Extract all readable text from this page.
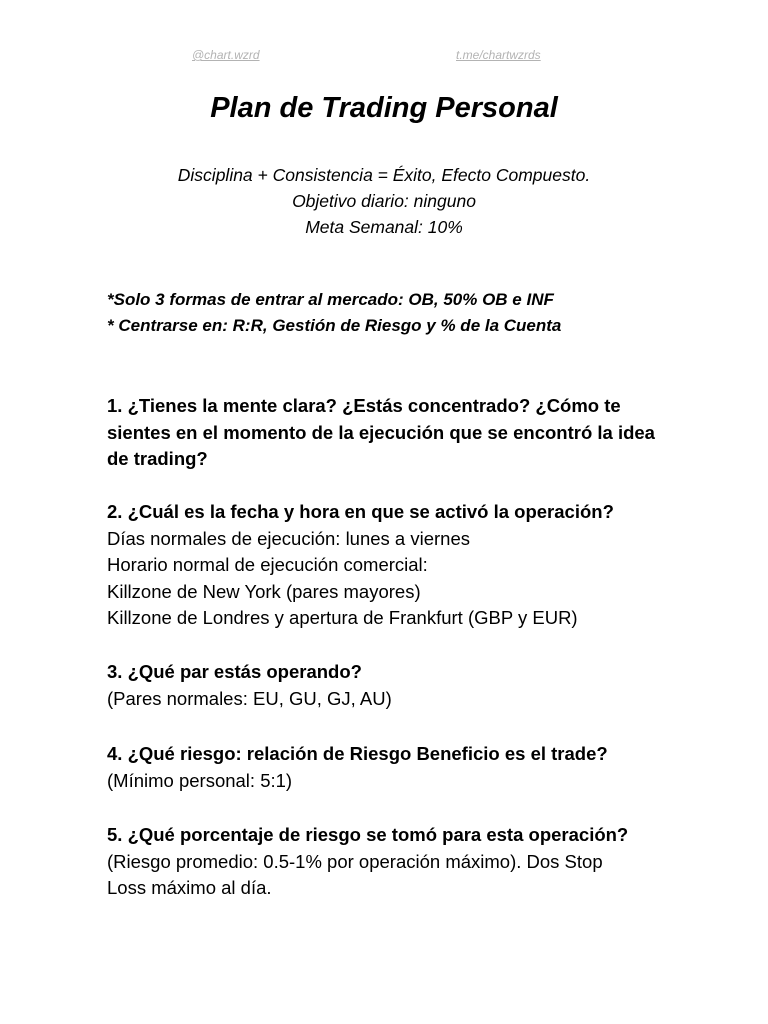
@chart.wzrd	t.me/chartwzrds
Plan de Trading Personal
Disciplina + Consistencia = Éxito, Efecto Compuesto.
Objetivo diario: ninguno
Meta Semanal: 10%
*Solo 3 formas de entrar al mercado: OB, 50% OB e INF
* Centrarse en: R:R, Gestión de Riesgo y % de la Cuenta
1. ¿Tienes la mente clara? ¿Estás concentrado? ¿Cómo te
sientes en el momento de la ejecución que se encontró la idea
de trading?
2. ¿Cuál es la fecha y hora en que se activó la operación?
Días normales de ejecución: lunes a viernes
Horario normal de ejecución comercial:
Killzone de New York (pares mayores)
Killzone de Londres y apertura de Frankfurt (GBP y EUR)
3. ¿Qué par estás operando?
(Pares normales: EU, GU, GJ, AU)
4. ¿Qué riesgo: relación de Riesgo Beneficio es el trade?
(Mínimo personal: 5:1)
5. ¿Qué porcentaje de riesgo se tomó para esta operación?
(Riesgo promedio: 0.5-1% por operación máximo). Dos Stop
Loss máximo al día.
